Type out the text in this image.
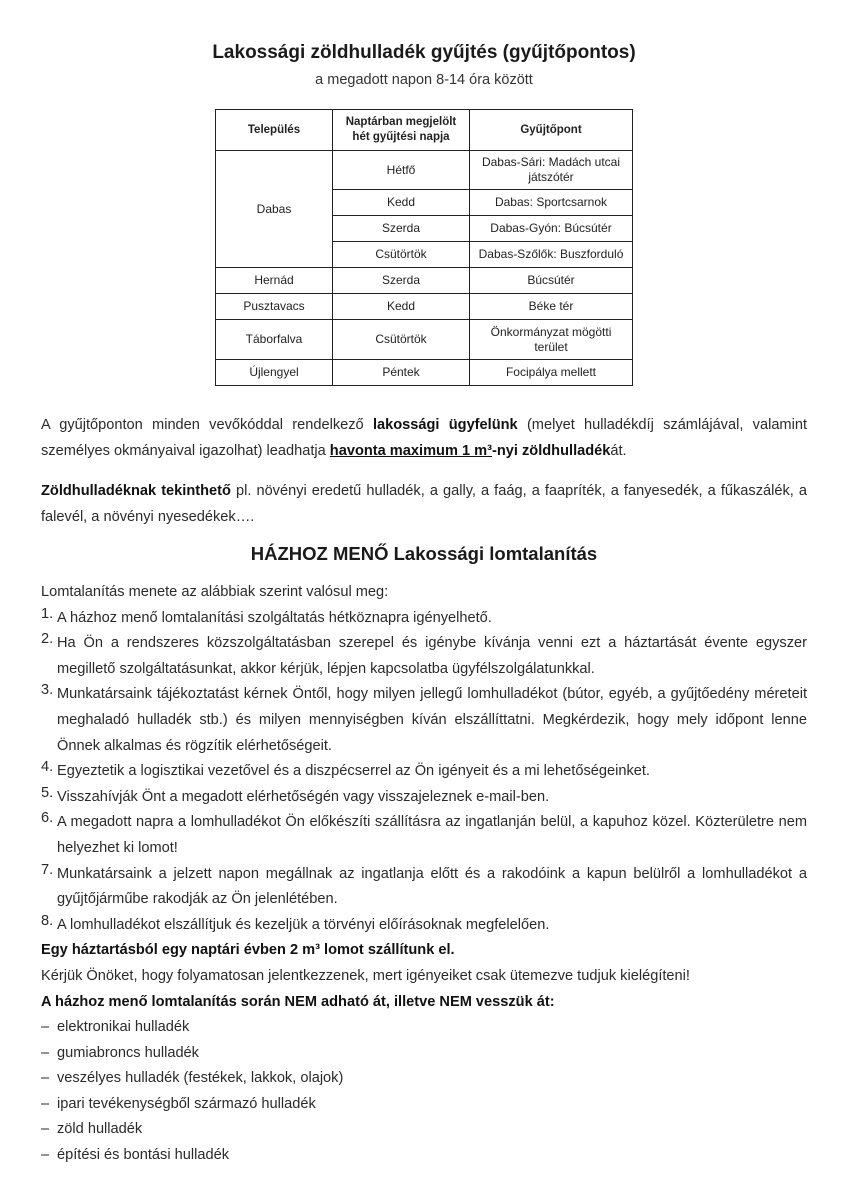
Lakossági zöldhulladék gyűjtés (gyűjtőpontos)
a megadott napon 8-14 óra között
Település	Naptárban megjelölt hét gyűjtési napja	Gyűjtőpont
Dabas	Hétfő	Dabas-Sári: Madách utcai játszótér
	Kedd	Dabas: Sportcsarnok
	Szerda	Dabas-Gyón: Búcsútér
	Csütörtök	Dabas-Szőlők: Buszforduló
Hernád	Szerda	Búcsútér
Pusztavacs	Kedd	Béke tér
Táborfalva	Csütörtök	Önkormányzat mögötti terület
Újlengyel	Péntek	Focipálya mellett
A gyűjtőponton minden vevőkóddal rendelkező lakossági ügyfelünk (melyet hulladékdíj számlájával, valamint személyes okmányaival igazolhat) leadhatja havonta maximum 1 m³-nyi zöldhulladékát.
Zöldhulladéknak tekinthető pl. növényi eredetű hulladék, a gally, a faág, a faapríték, a fanyesedék, a fűkaszálék, a falevél, a növényi nyesedékek….
HÁZHOZ MENŐ Lakossági lomtalanítás
Lomtalanítás menete az alábbiak szerint valósul meg:
1. A házhoz menő lomtalanítási szolgáltatás hétköznapra igényelhető.
2. Ha Ön a rendszeres közszolgáltatásban szerepel és igénybe kívánja venni ezt a háztartását évente egyszer megillető szolgáltatásunkat, akkor kérjük, lépjen kapcsolatba ügyfélszolgálatunkkal.
3. Munkatársaink tájékoztatást kérnek Öntől, hogy milyen jellegű lomhulladékot (bútor, egyéb, a gyűjtőedény méreteit meghaladó hulladék stb.) és milyen mennyiségben kíván elszállíttatni. Megkérdezik, hogy mely időpont lenne Önnek alkalmas és rögzítik elérhetőségeit.
4. Egyeztetik a logisztikai vezetővel és a diszpécserrel az Ön igényeit és a mi lehetőségeinket.
5. Visszahívják Önt a megadott elérhetőségén vagy visszajeleznek e-mail-ben.
6. A megadott napra a lomhulladékot Ön előkészíti szállításra az ingatlanján belül, a kapuhoz közel. Közterületre nem helyezhet ki lomot!
7. Munkatársaink a jelzett napon megállnak az ingatlanja előtt és a rakodóink a kapun belülről a lomhulladékot a gyűjtőjárműbe rakodják az Ön jelenlétében.
8. A lomhulladékot elszállítjuk és kezeljük a törvényi előírásoknak megfelelően.
Egy háztartásból egy naptári évben 2 m³ lomot szállítunk el.
Kérjük Önöket, hogy folyamatosan jelentkezzenek, mert igényeiket csak ütemezve tudjuk kielégíteni!
A házhoz menő lomtalanítás során NEM adható át, illetve NEM vesszük át:
– elektronikai hulladék
– gumiabroncs hulladék
– veszélyes hulladék (festékek, lakkok, olajok)
– ipari tevékenységből származó hulladék
– zöld hulladék
– építési és bontási hulladék
